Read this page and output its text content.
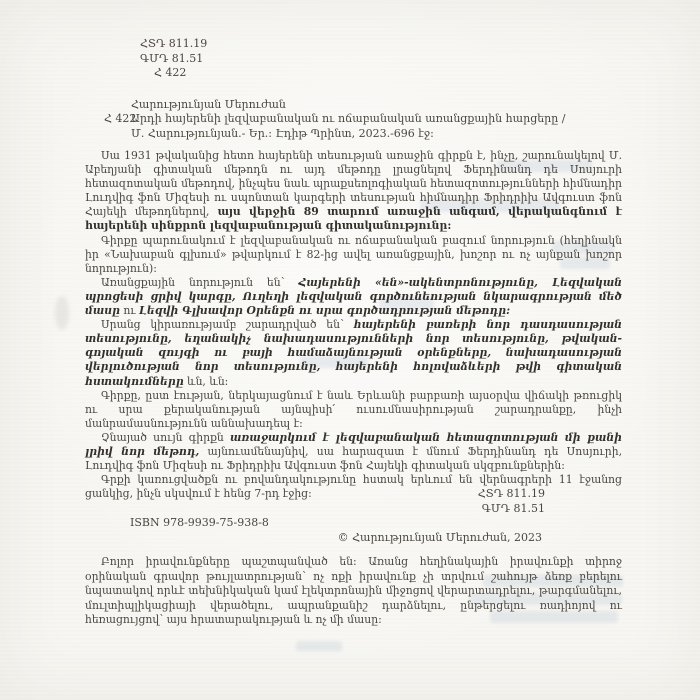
ՀՏԴ 811.19
ԳՄԴ 81.51
Հ 422
Հարությունյան Մերուժան
Հ 422
Արդի հայերենի լեզվաբանական ու ոճաբանական առանցքային հարցերը /
Մ. Հարությունյան.- Եր.: Էդիթ Պրինտ, 2023.-696 էջ:

Սա 1931 թվականից հետո հայերենի տեսության առաջին գիրքն է, ինչը, շարունակելով Մ. Աբեղյանի գիտական մեթոդն ու այդ մեթոդը լրացնելով Ֆերդինանդ դե Սոսյուրի հետազոտական մեթոդով, ինչպես նաև պրաքսեոլոգիական հետազոտությունների հիմնադիր Լուդվիգ ֆոն Միզեսի ու սպոնտան կարգերի տեսության հիմնադիր Ֆրիդրիխ Ավգուստ ֆոն Հայեկի մեթոդներով, այս վերջին 89 տարում առաջին անգամ, վերականգնում է հայերենի սինքրոն լեզվաբանության գիտականությունը:

Գիրքը պարունակում է լեզվաբանական ու ոճաբանական բազում նորություն (հեղինակն իր «Նախաբան գլխում» թվարկում է 82-ից ավել առանցքային, խոշոր ու ոչ այնքան խոշոր նորություն):

Առանցքային նորություն են՝ Հայերենի «են»-ակենտրոնությունը, Լեզվական պրոցեսի ցրիվ կարգը, Ուղեղի լեզվական գործունեության նկարագրության մեծ մասը ու Լեզվի Գլխավոր Օրենքն ու սրա գործադրության մեթոդը:

Սրանց կիրառությամբ շարադրված են՝ հայերենի բառերի նոր դասդասության տեսությունը, եղանակիչ նախադասությունների նոր տեսությունը, թվական-գոյական զույգի ու բայի համաձայնության օրենքները, նախադասության վերլուծության նոր տեսությունը, հայերենի հոլովաձևերի թվի գիտական հստակումները ևն, ևն:

Գիրքը, ըստ էության, ներկայացնում է նաև Երևանի բարբառի այսօրվա վիճակի թռուցիկ ու սրա քերականության այնպիսի՛ ուսումնասիրության շարադրանքը, ինչի մանրամասնությունն աննախադեպ է:

Չնայած սույն գիրքն առաջարկում է լեզվաբանական հետազոտության մի քանի լրիվ նոր մեթոդ, այնուամենայնիվ, սա հարազատ է մնում Ֆերդինանդ դե Սոսյուրի, Լուդվիգ ֆոն Միզեսի ու Ֆրիդրիխ Ավգուստ ֆոն Հայեկի գիտական սկզբունքներին:

Գրքի կառուցվածքն ու բովանդակությունը հստակ երևում են վերնագրերի 11 էջանոց ցանկից, ինչն սկսվում է հենց 7-րդ էջից:	ՀՏԴ 811.19
ԳՄԴ 81.51
ISBN 978-9939-75-938-8
© Հարությունյան Մերուժան, 2023

Բոլոր իրավունքները պաշտպանված են: Առանց հեղինակային իրավունքի տիրոջ օրինական գրավոր թույլատրության՝ ոչ ոքի իրավունք չի տրվում շահույթ ձեռք բերելու նպատակով որևէ տեխնիկական կամ էլեկտրոնային միջոցով վերարտադրելու, թարգմանելու, մուլտիպլիկացիայի վերածելու, ապրանքանիշ դարձնելու, ընթերցելու ռադիոյով ու հեռացույցով՝ այս հրատարակության և ոչ մի մասը:
